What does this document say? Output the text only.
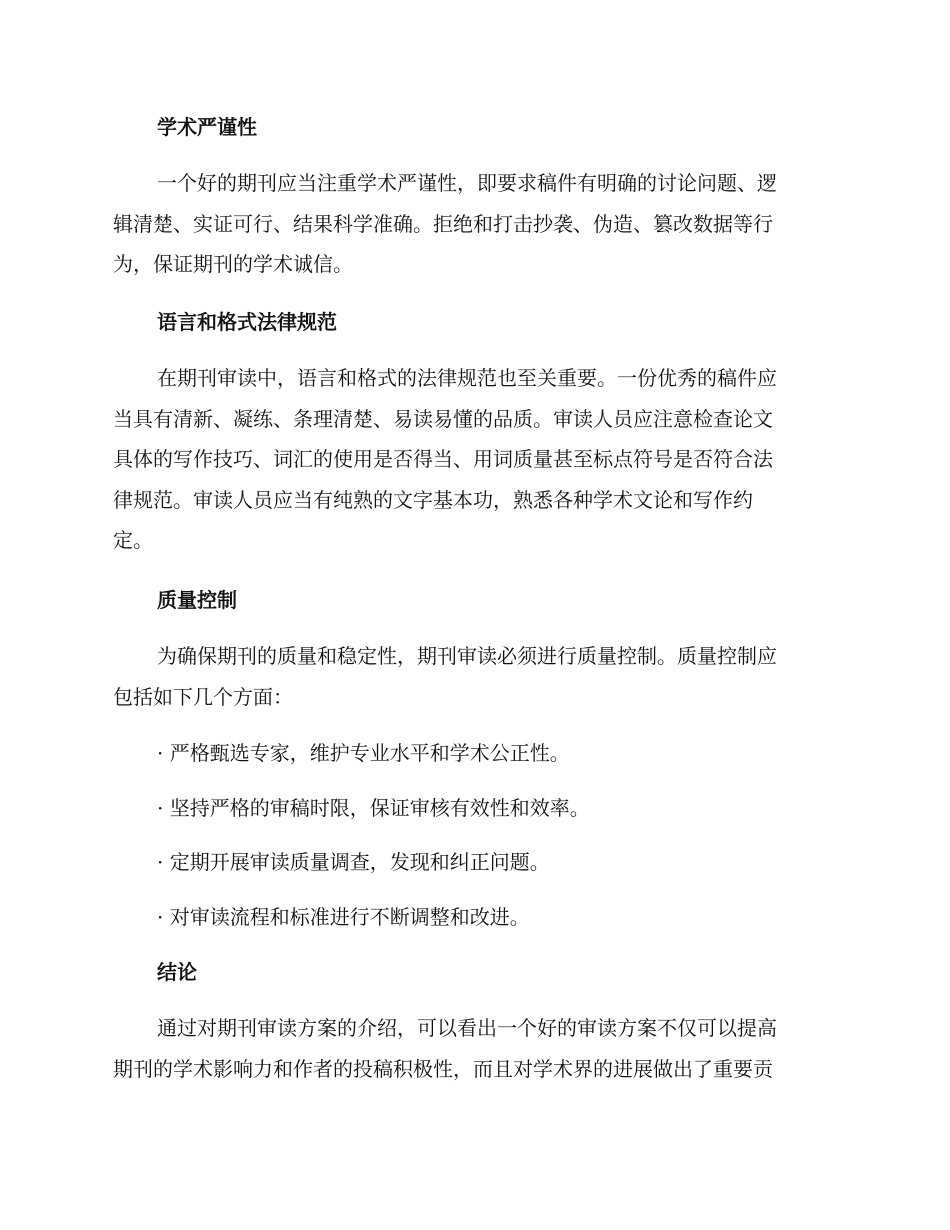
学术严谨性

一个好的期刊应当注重学术严谨性，即要求稿件有明确的讨论问题、逻
辑清楚、实证可行、结果科学准确。拒绝和打击抄袭、伪造、篡改数据等行
为，保证期刊的学术诚信。

语言和格式法律规范

在期刊审读中，语言和格式的法律规范也至关重要。一份优秀的稿件应
当具有清新、凝练、条理清楚、易读易懂的品质。审读人员应注意检查论文
具体的写作技巧、词汇的使用是否得当、用词质量甚至标点符号是否符合法
律规范。审读人员应当有纯熟的文字基本功，熟悉各种学术文论和写作约
定。

质量控制

为确保期刊的质量和稳定性，期刊审读必须进行质量控制。质量控制应
包括如下几个方面：

· 严格甄选专家，维护专业水平和学术公正性。
· 坚持严格的审稿时限，保证审核有效性和效率。
· 定期开展审读质量调查，发现和纠正问题。
· 对审读流程和标准进行不断调整和改进。
结论

通过对期刊审读方案的介绍，可以看出一个好的审读方案不仅可以提高
期刊的学术影响力和作者的投稿积极性，而且对学术界的进展做出了重要贡
